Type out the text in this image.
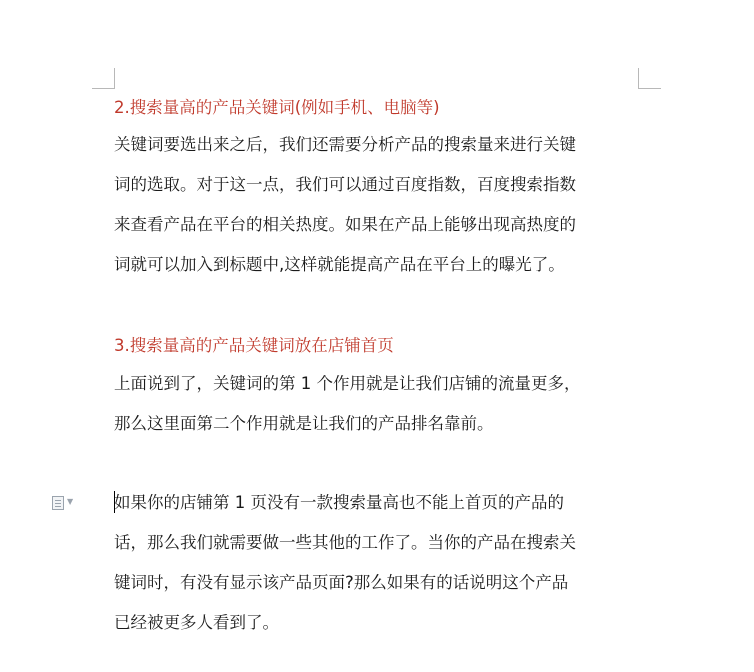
2.搜索量高的产品关键词(例如手机、电脑等)
关键词要选出来之后，我们还需要分析产品的搜索量来进行关键
词的选取。对于这一点，我们可以通过百度指数，百度搜索指数
来查看产品在平台的相关热度。如果在产品上能够出现高热度的
词就可以加入到标题中,这样就能提高产品在平台上的曝光了。
3.搜索量高的产品关键词放在店铺首页
上面说到了，关键词的第 1 个作用就是让我们店铺的流量更多，
那么这里面第二个作用就是让我们的产品排名靠前。
▼ 如果你的店铺第 1 页没有一款搜索量高也不能上首页的产品的
话，那么我们就需要做一些其他的工作了。当你的产品在搜索关
键词时，有没有显示该产品页面?那么如果有的话说明这个产品
已经被更多人看到了。
